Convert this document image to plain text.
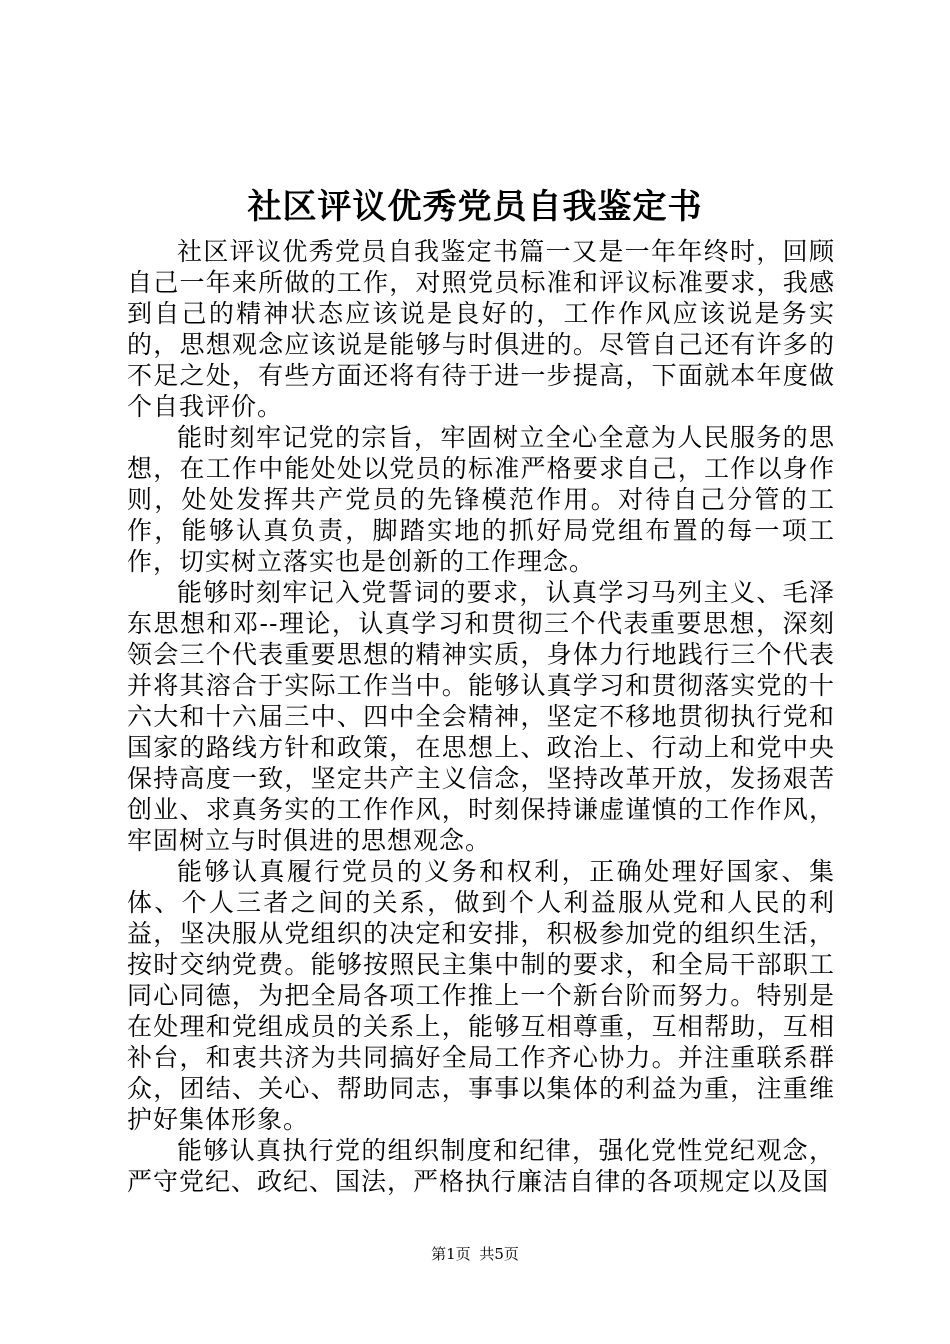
社区评议优秀党员自我鉴定书

社区评议优秀党员自我鉴定书篇一又是一年年终时，回顾自己一年来所做的工作，对照党员标准和评议标准要求，我感到自己的精神状态应该说是良好的，工作作风应该说是务实的，思想观念应该说是能够与时俱进的。尽管自己还有许多的不足之处，有些方面还将有待于进一步提高，下面就本年度做个自我评价。

能时刻牢记党的宗旨，牢固树立全心全意为人民服务的思想，在工作中能处处以党员的标准严格要求自己，工作以身作则，处处发挥共产党员的先锋模范作用。对待自己分管的工作，能够认真负责，脚踏实地的抓好局党组布置的每一项工作，切实树立落实也是创新的工作理念。

能够时刻牢记入党誓词的要求，认真学习马列主义、毛泽东思想和邓--理论，认真学习和贯彻三个代表重要思想，深刻领会三个代表重要思想的精神实质，身体力行地践行三个代表并将其溶合于实际工作当中。能够认真学习和贯彻落实党的十六大和十六届三中、四中全会精神，坚定不移地贯彻执行党和国家的路线方针和政策，在思想上、政治上、行动上和党中央保持高度一致，坚定共产主义信念，坚持改革开放，发扬艰苦创业、求真务实的工作作风，时刻保持谦虚谨慎的工作作风，牢固树立与时俱进的思想观念。

能够认真履行党员的义务和权利，正确处理好国家、集体、个人三者之间的关系，做到个人利益服从党和人民的利益，坚决服从党组织的决定和安排，积极参加党的组织生活，按时交纳党费。能够按照民主集中制的要求，和全局干部职工同心同德，为把全局各项工作推上一个新台阶而努力。特别是在处理和党组成员的关系上，能够互相尊重，互相帮助，互相补台，和衷共济为共同搞好全局工作齐心协力。并注重联系群众，团结、关心、帮助同志，事事以集体的利益为重，注重维护好集体形象。

能够认真执行党的组织制度和纪律，强化党性党纪观念，严守党纪、政纪、国法，严格执行廉洁自律的各项规定以及国

第1页 共5页
